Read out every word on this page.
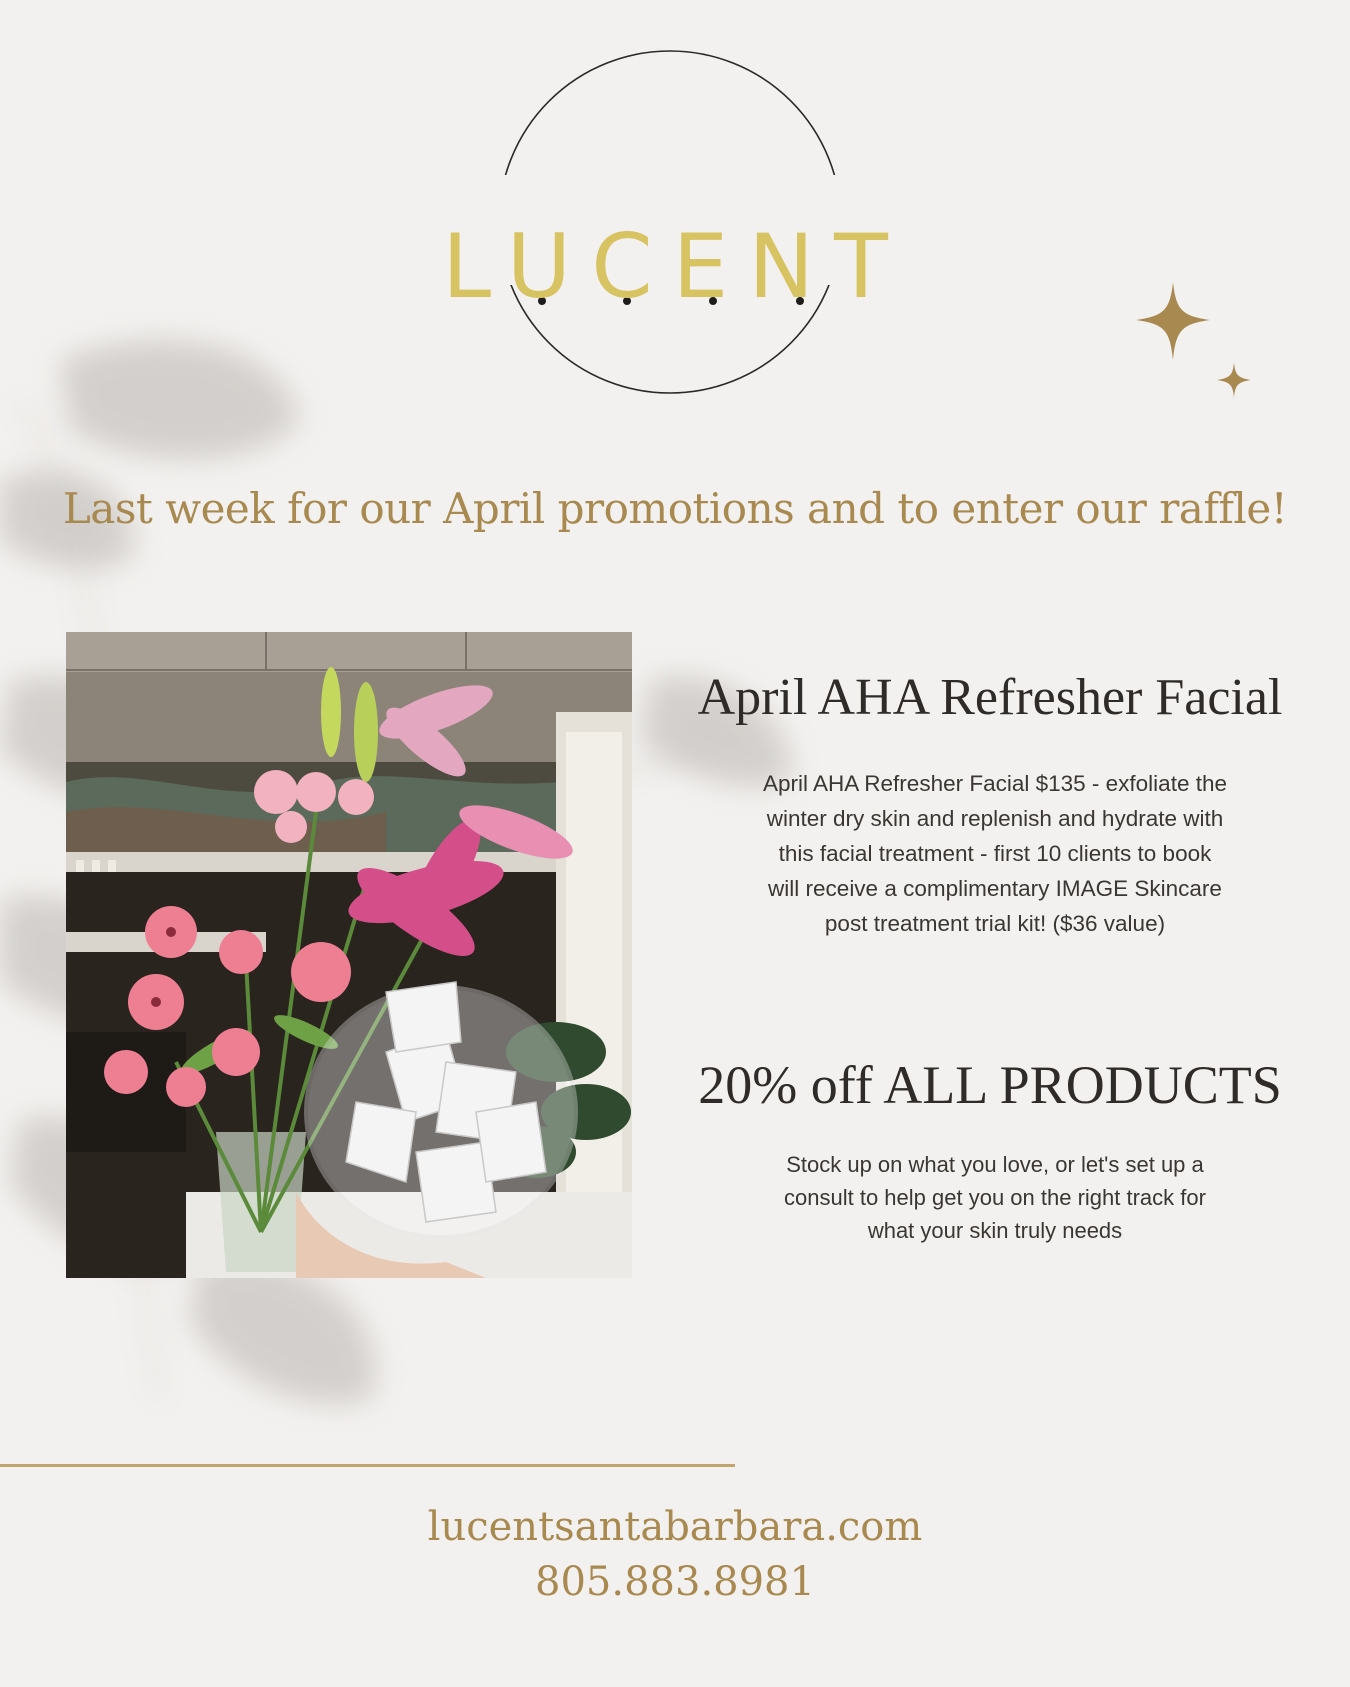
LUCENT
Last week for our April promotions and to enter our raffle!
April AHA Refresher Facial
April AHA Refresher Facial $135 - exfoliate the
winter dry skin and replenish and hydrate with
this facial treatment - first 10 clients to book
will receive a complimentary IMAGE Skincare
post treatment trial kit! ($36 value)
20% off ALL PRODUCTS
Stock up on what you love, or let's set up a
consult to help get you on the right track for
what your skin truly needs
lucentsantabarbara.com
805.883.8981
